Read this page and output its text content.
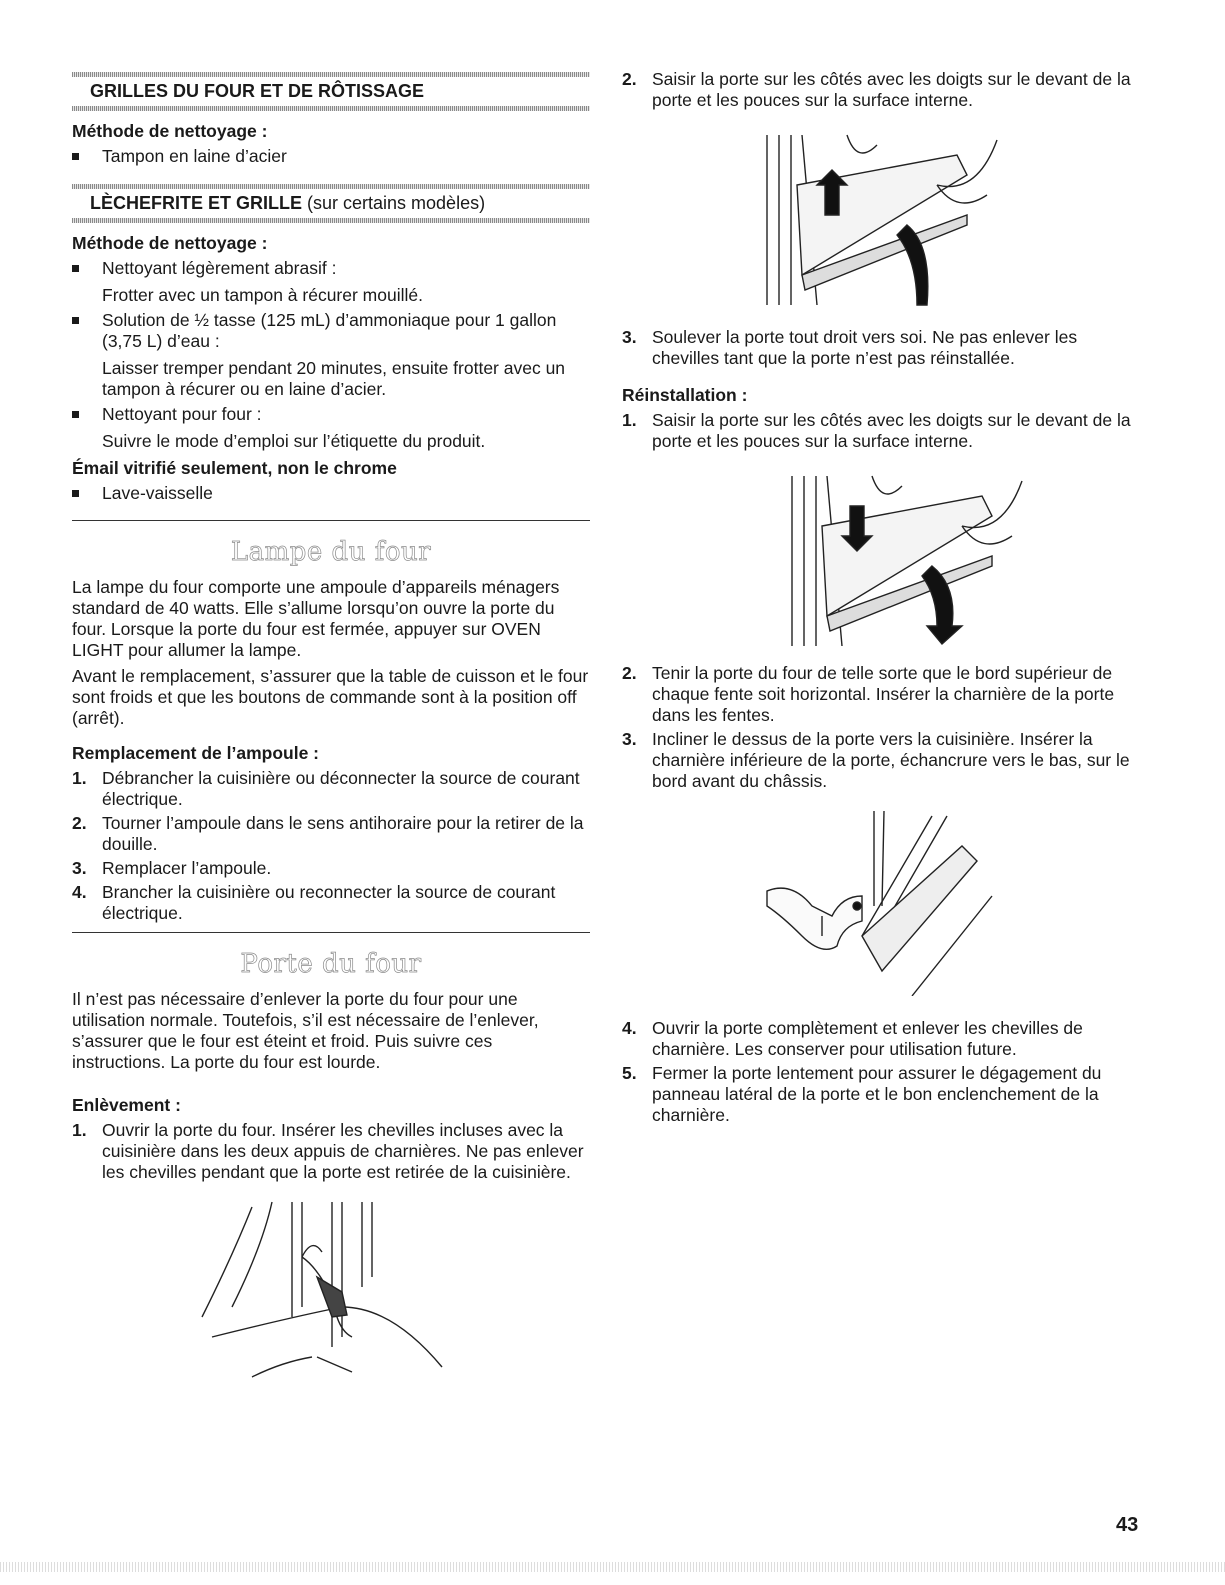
GRILLES DU FOUR ET DE RÔTISSAGE
Méthode de nettoyage :
Tampon en laine d’acier
LÈCHEFRITE ET GRILLE (sur certains modèles)
Méthode de nettoyage :
Nettoyant légèrement abrasif :
Frotter avec un tampon à récurer mouillé.
Solution de ½ tasse (125 mL) d’ammoniaque pour 1 gallon (3,75 L) d’eau :
Laisser tremper pendant 20 minutes, ensuite frotter avec un tampon à récurer ou en laine d’acier.
Nettoyant pour four :
Suivre le mode d’emploi sur l’étiquette du produit.
Émail vitrifié seulement, non le chrome
Lave-vaisselle
Lampe du four

La lampe du four comporte une ampoule d’appareils ménagers standard de 40 watts. Elle s’allume lorsqu’on ouvre la porte du four. Lorsque la porte du four est fermée, appuyer sur OVEN LIGHT pour allumer la lampe.

Avant le remplacement, s’assurer que la table de cuisson et le four sont froids et que les boutons de commande sont à la position off (arrêt).

Remplacement de l’ampoule :
1. Débrancher la cuisinière ou déconnecter la source de courant électrique.
2. Tourner l’ampoule dans le sens antihoraire pour la retirer de la douille.
3. Remplacer l’ampoule.
4. Brancher la cuisinière ou reconnecter la source de courant électrique.
Porte du four

Il n’est pas nécessaire d’enlever la porte du four pour une utilisation normale. Toutefois, s’il est nécessaire de l’enlever, s’assurer que le four est éteint et froid. Puis suivre ces instructions. La porte du four est lourde.

Enlèvement :
1. Ouvrir la porte du four. Insérer les chevilles incluses avec la cuisinière dans les deux appuis de charnières. Ne pas enlever les chevilles pendant que la porte est retirée de la cuisinière.
2. Saisir la porte sur les côtés avec les doigts sur le devant de la porte et les pouces sur la surface interne.
3. Soulever la porte tout droit vers soi. Ne pas enlever les chevilles tant que la porte n’est pas réinstallée.
Réinstallation :
1. Saisir la porte sur les côtés avec les doigts sur le devant de la porte et les pouces sur la surface interne.
2. Tenir la porte du four de telle sorte que le bord supérieur de chaque fente soit horizontal. Insérer la charnière de la porte dans les fentes.
3. Incliner le dessus de la porte vers la cuisinière. Insérer la charnière inférieure de la porte, échancrure vers le bas, sur le bord avant du châssis.
4. Ouvrir la porte complètement et enlever les chevilles de charnière. Les conserver pour utilisation future.
5. Fermer la porte lentement pour assurer le dégagement du panneau latéral de la porte et le bon enclenchement de la charnière.
43
